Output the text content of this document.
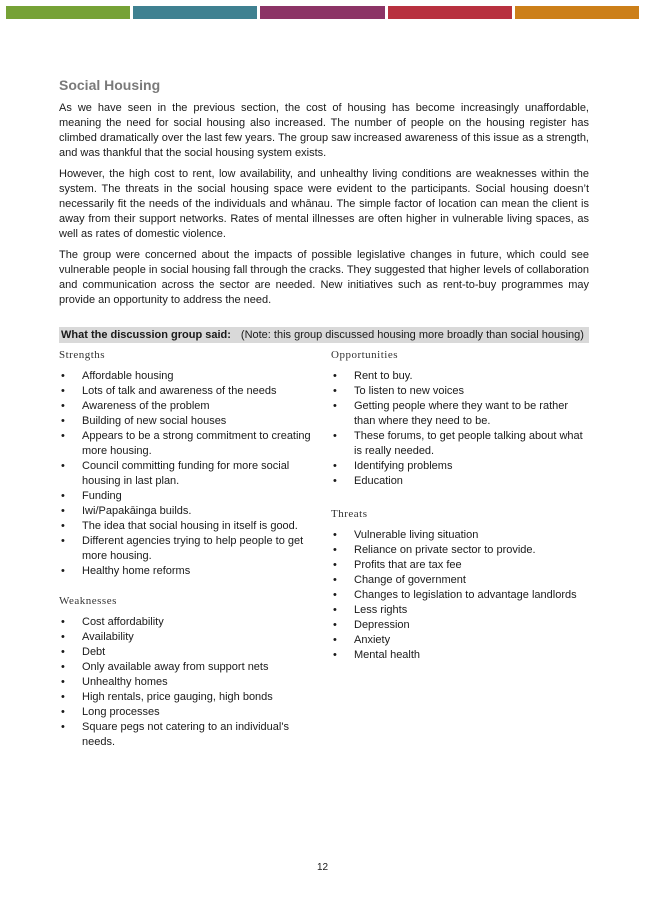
Social Housing

As we have seen in the previous section, the cost of housing has become increasingly unaffordable, meaning the need for social housing also increased. The number of people on the housing register has climbed dramatically over the last few years. The group saw increased awareness of this issue as a strength, and was thankful that the social housing system exists.

However, the high cost to rent, low availability, and unhealthy living conditions are weaknesses within the system. The threats in the social housing space were evident to the participants. Social housing doesn’t necessarily fit the needs of the individuals and whānau. The simple factor of location can mean the client is away from their support networks. Rates of mental illnesses are often higher in vulnerable living spaces, as well as rates of domestic violence.

The group were concerned about the impacts of possible legislative changes in future, which could see vulnerable people in social housing fall through the cracks. They suggested that higher levels of collaboration and communication across the sector are needed. New initiatives such as rent-to-buy programmes may provide an opportunity to address the need.

What the discussion group said: (Note: this group discussed housing more broadly than social housing)
Strengths
• Affordable housing
• Lots of talk and awareness of the needs
• Awareness of the problem
• Building of new social houses
• Appears to be a strong commitment to creating more housing.
• Council committing funding for more social housing in last plan.
• Funding
• Iwi/Papakāinga builds.
• The idea that social housing in itself is good.
• Different agencies trying to help people to get more housing.
• Healthy home reforms
Weaknesses
• Cost affordability
• Availability
• Debt
• Only available away from support nets
• Unhealthy homes
• High rentals, price gauging, high bonds
• Long processes
• Square pegs not catering to an individual's needs.
Opportunities
• Rent to buy.
• To listen to new voices
• Getting people where they want to be rather than where they need to be.
• These forums, to get people talking about what is really needed.
• Identifying problems
• Education
Threats
• Vulnerable living situation
• Reliance on private sector to provide.
• Profits that are tax fee
• Change of government
• Changes to legislation to advantage landlords
• Less rights
• Depression
• Anxiety
• Mental health
12
